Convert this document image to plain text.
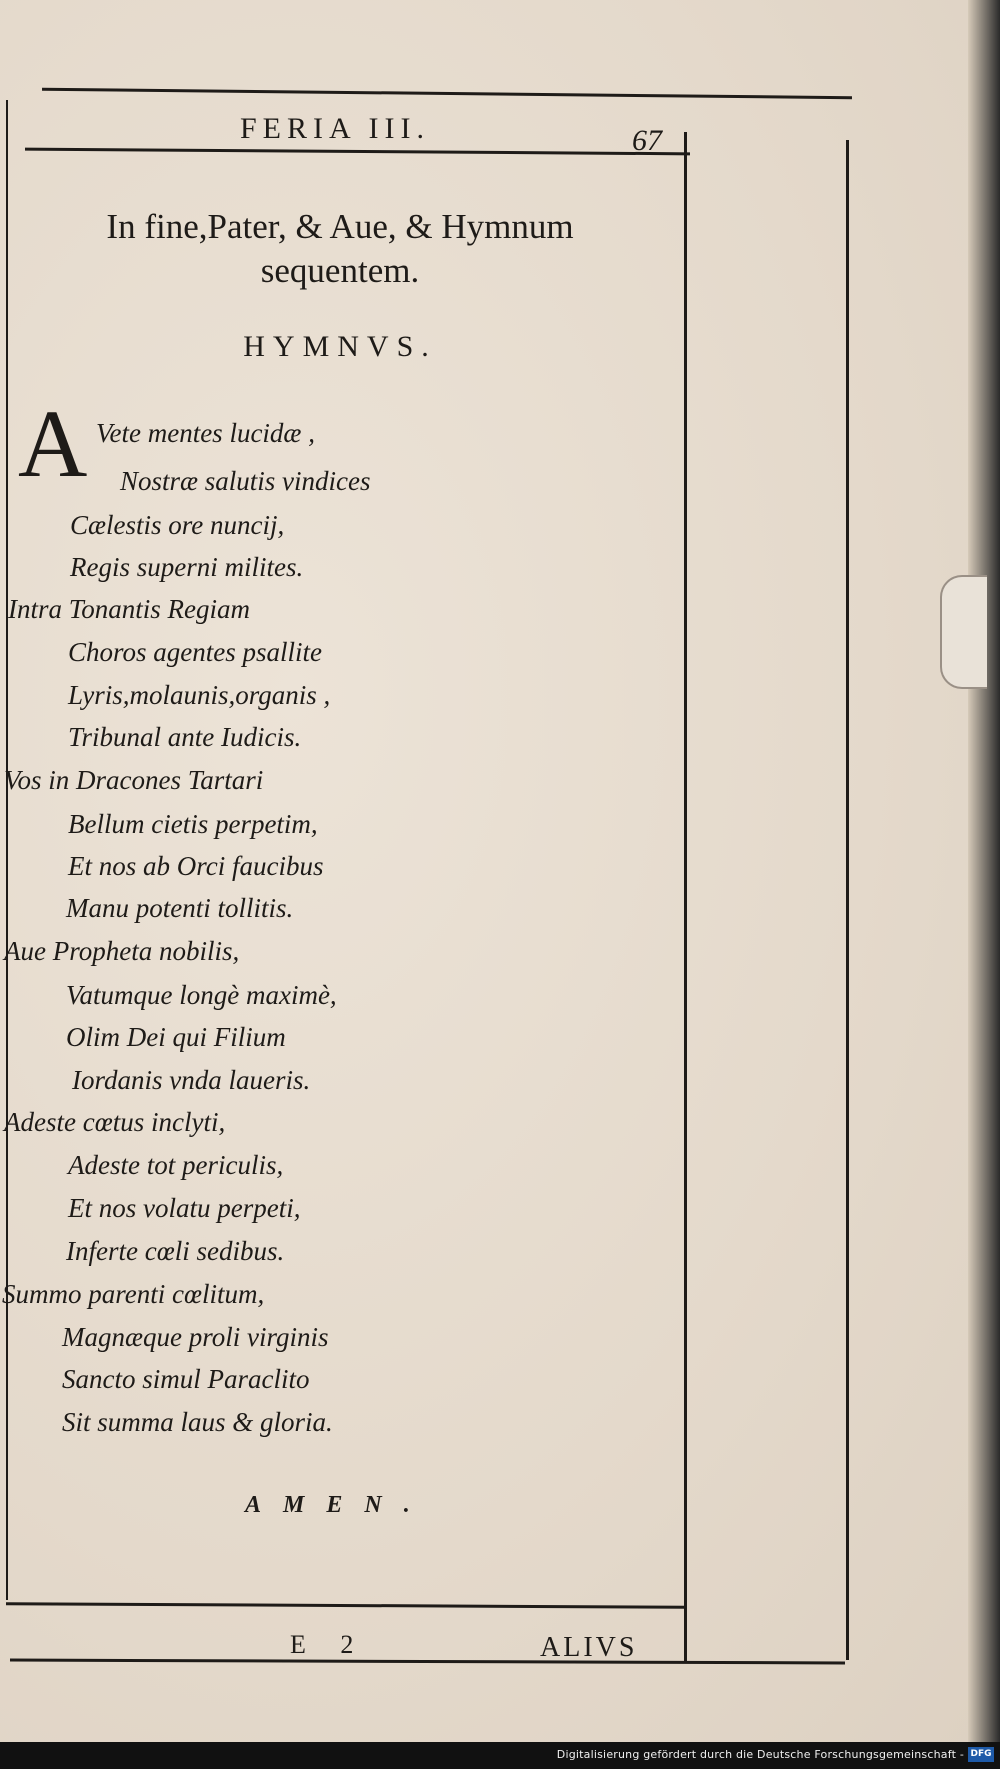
FERIA III.	67
In fine,Pater, & Aue, & Hymnum
sequentem.
HYMNVS.
A Vete mentes lucidæ ,
Nostræ salutis vindices
Cælestis ore nuncij,
Regis superni milites.
Intra Tonantis Regiam
Choros agentes psallite
Lyris,molaunis,organis ,
Tribunal ante Iudicis.
Vos in Dracones Tartari
Bellum cietis perpetim,
Et nos ab Orci faucibus
Manu potenti tollitis.
Aue Propheta nobilis,
Vatumque longè maximè,
Olim Dei qui Filium
Iordanis vnda laueris.
Adeste cœtus inclyti,
Adeste tot periculis,
Et nos volatu perpeti,
Inferte cœli sedibus.
Summo parenti cœlitum,
Magnæque proli virginis
Sancto simul Paraclito
Sit summa laus & gloria.
AMEN.
E 2	ALIVS
Digitalisierung gefördert durch die Deutsche Forschungsgemeinschaft - DFG
